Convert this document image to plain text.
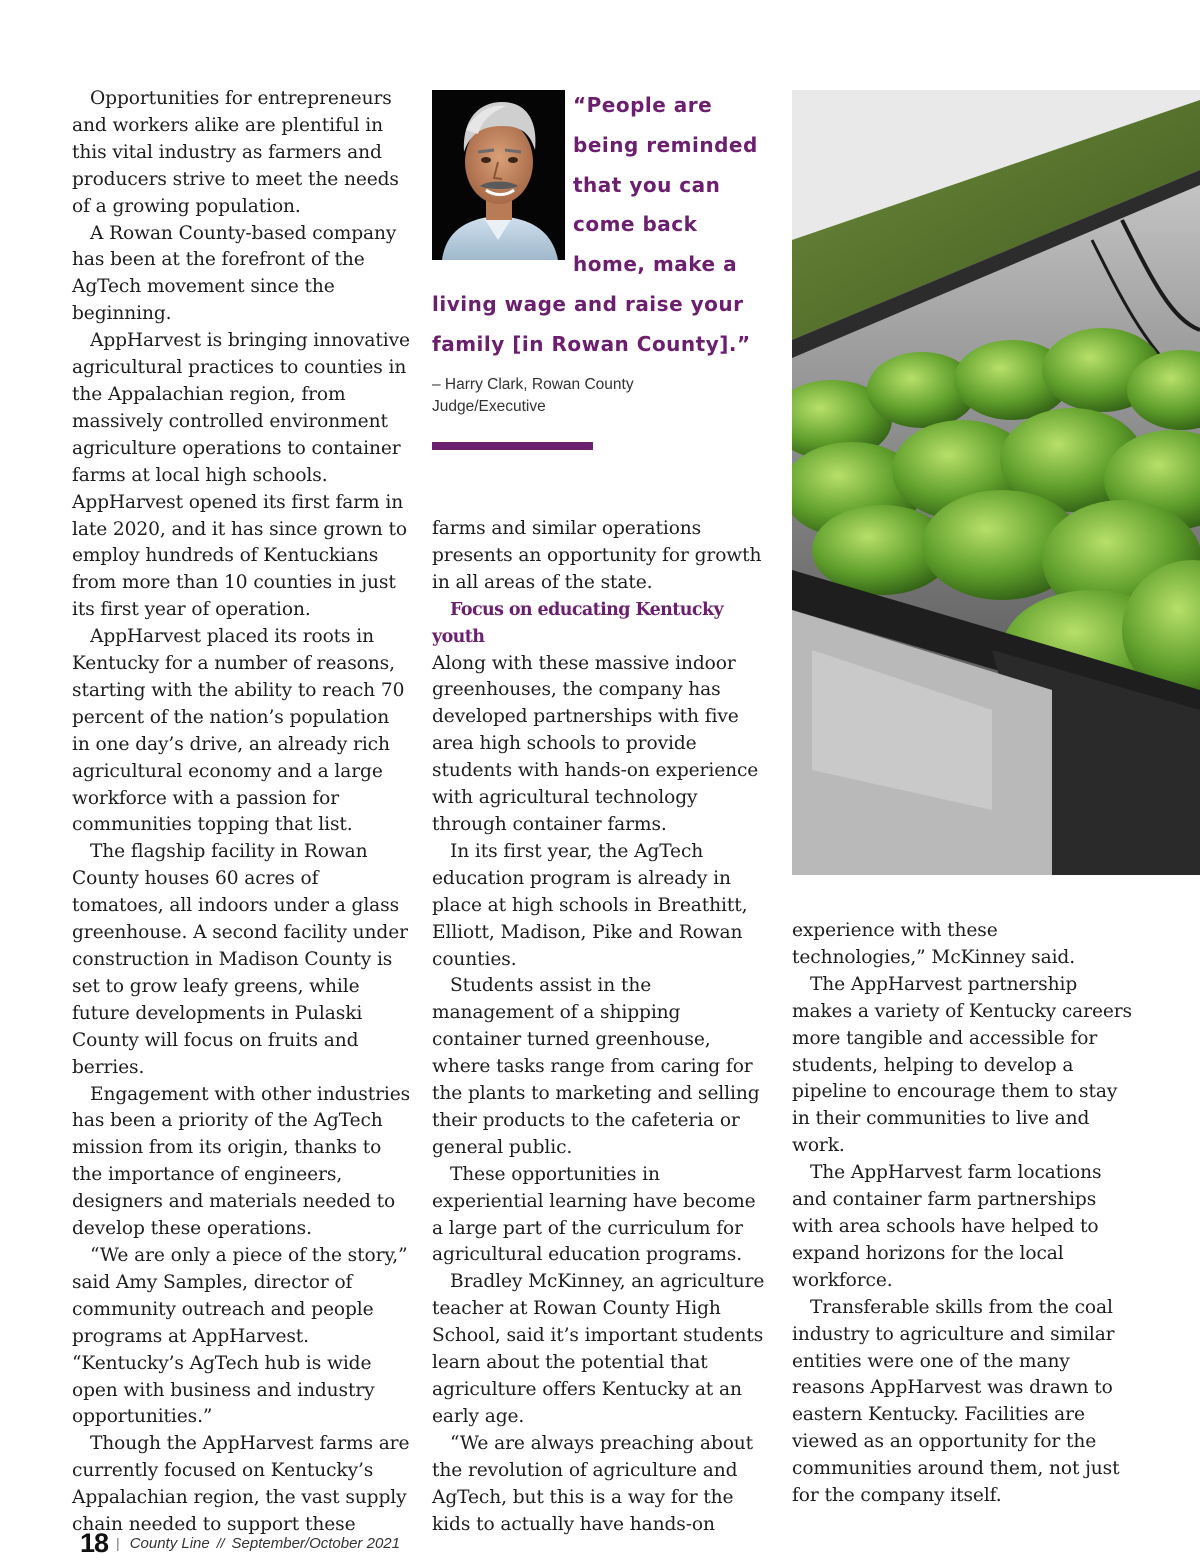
Opportunities for entrepreneurs and workers alike are plentiful in this vital industry as farmers and producers strive to meet the needs of a growing population.

A Rowan County-based company has been at the forefront of the AgTech movement since the beginning.

AppHarvest is bringing innovative agricultural practices to counties in the Appalachian region, from massively controlled environment agriculture operations to container farms at local high schools. AppHarvest opened its first farm in late 2020, and it has since grown to employ hundreds of Kentuckians from more than 10 counties in just its first year of operation.

AppHarvest placed its roots in Kentucky for a number of reasons, starting with the ability to reach 70 percent of the nation’s population in one day’s drive, an already rich agricultural economy and a large workforce with a passion for communities topping that list.

The flagship facility in Rowan County houses 60 acres of tomatoes, all indoors under a glass greenhouse. A second facility under construction in Madison County is set to grow leafy greens, while future developments in Pulaski County will focus on fruits and berries.

Engagement with other industries has been a priority of the AgTech mission from its origin, thanks to the importance of engineers, designers and materials needed to develop these operations.

“We are only a piece of the story,” said Amy Samples, director of community outreach and people programs at AppHarvest. “Kentucky’s AgTech hub is wide open with business and industry opportunities.”

Though the AppHarvest farms are currently focused on Kentucky’s Appalachian region, the vast supply chain needed to support these

“People are
being reminded
that you can
come back
home, make a
living wage and raise your
family [in Rowan County].”
– Harry Clark, Rowan County
Judge/Executive

farms and similar operations presents an opportunity for growth in all areas of the state.

Focus on educating Kentucky youth

Along with these massive indoor greenhouses, the company has developed partnerships with five area high schools to provide students with hands-on experience with agricultural technology through container farms.

In its first year, the AgTech education program is already in place at high schools in Breathitt, Elliott, Madison, Pike and Rowan counties.

Students assist in the management of a shipping container turned greenhouse, where tasks range from caring for the plants to marketing and selling their products to the cafeteria or general public.

These opportunities in experiential learning have become a large part of the curriculum for agricultural education programs.

Bradley McKinney, an agriculture teacher at Rowan County High School, said it’s important students learn about the potential that agriculture offers Kentucky at an early age.

“We are always preaching about the revolution of agriculture and AgTech, but this is a way for the kids to actually have hands-on

experience with these technologies,” McKinney said.

The AppHarvest partnership makes a variety of Kentucky careers more tangible and accessible for students, helping to develop a pipeline to encourage them to stay in their communities to live and work.

The AppHarvest farm locations and container farm partnerships with area schools have helped to expand horizons for the local workforce.

Transferable skills from the coal industry to agriculture and similar entities were one of the many reasons AppHarvest was drawn to eastern Kentucky. Facilities are viewed as an opportunity for the communities around them, not just for the company itself.

18 | County Line // September/October 2021
